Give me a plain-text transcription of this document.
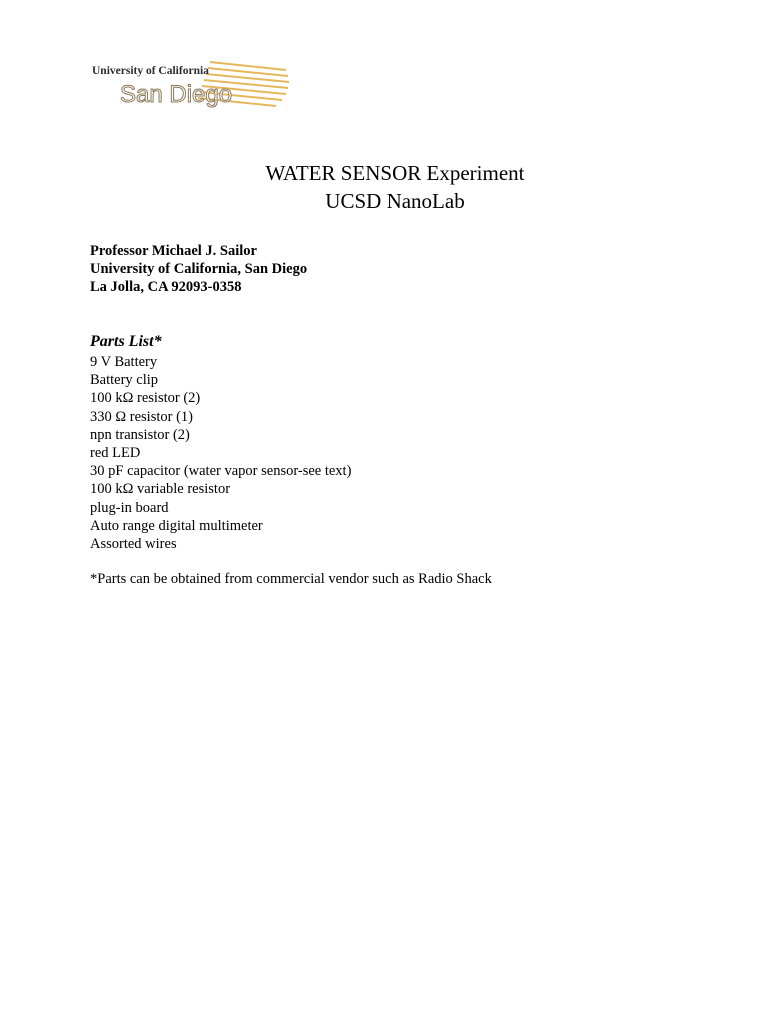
University of California
San Diego
WATER SENSOR Experiment
UCSD NanoLab
Professor Michael J. Sailor
University of California, San Diego
La Jolla, CA 92093-0358
Parts List*
9 V Battery
Battery clip
100 kΩ resistor (2)
330 Ω resistor (1)
npn transistor (2)
red LED
30 pF capacitor (water vapor sensor-see text)
100 kΩ variable resistor
plug-in board
Auto range digital multimeter
Assorted wires
*Parts can be obtained from commercial vendor such as Radio Shack
